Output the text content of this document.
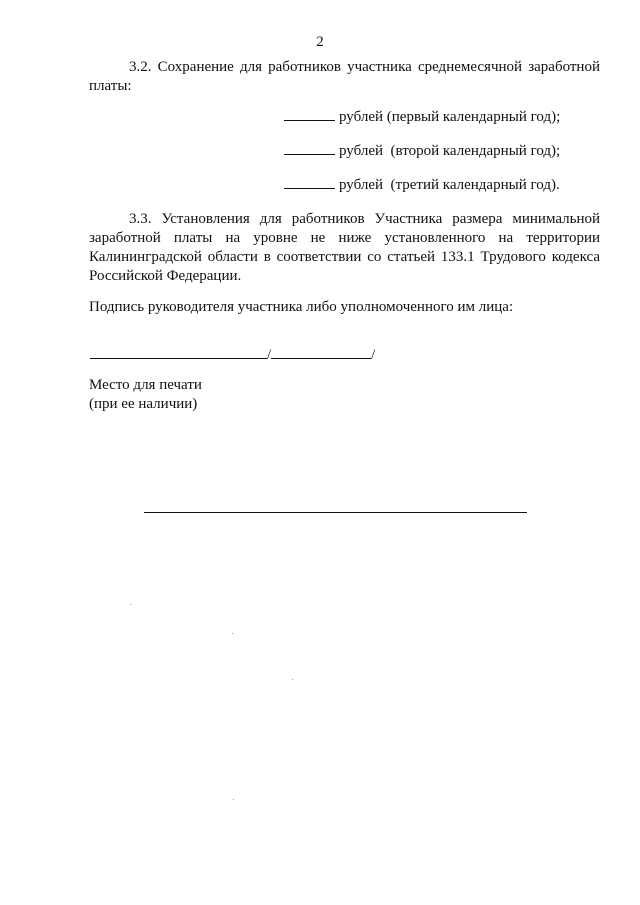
2
3.2. Сохранение для работников участника среднемесячной заработной платы:
рублей (первый календарный год);
рублей  (второй календарный год);
рублей  (третий календарный год).
3.3. Установления для работников Участника размера минимальной заработной платы на уровне не ниже установленного на территории Калининградской области в соответствии со статьей 133.1 Трудового кодекса Российской Федерации.
Подпись руководителя участника либо уполномоченного им лица:
/	/
Место для печати
(при ее наличии)
